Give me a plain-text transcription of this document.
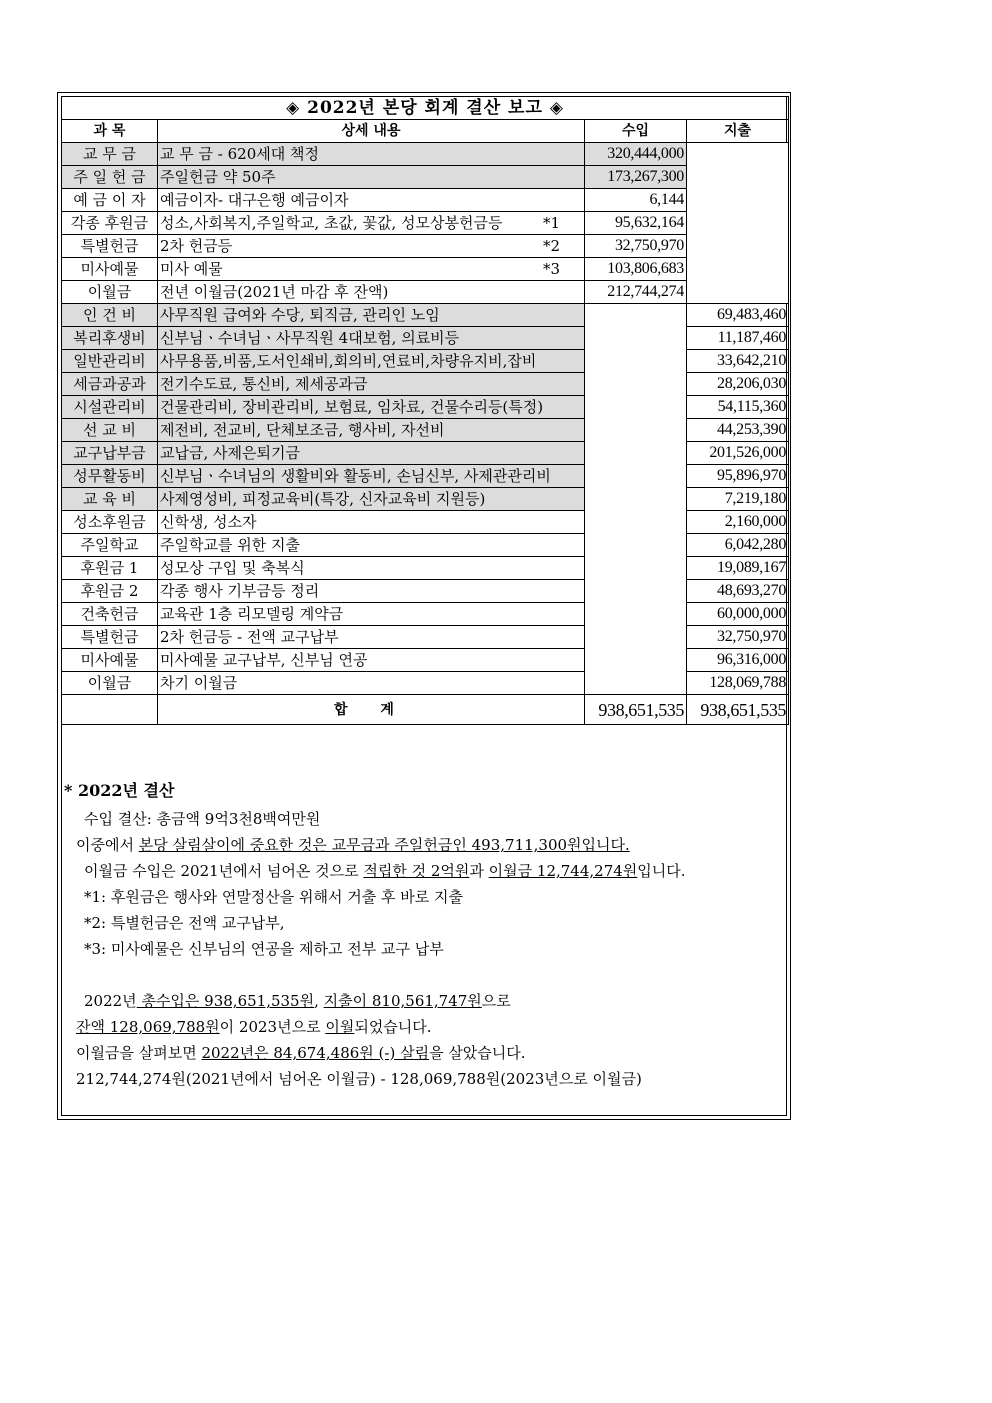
◈ 2022년 본당 회계 결산 보고 ◈			
과 목	상세 내용	수입	지출
교 무 금	교 무 금 - 620세대 책정	320,444,000	
주 일 헌 금	주일헌금 약 50주	173,267,300	
예 금 이 자	예금이자- 대구은행 예금이자	6,144	
각종 후원금	성소,사회복지,주일학교, 초값, 꽃값, 성모상봉헌금등 *1	95,632,164	
특별헌금	2차 헌금등 *2	32,750,970	
미사예물	미사 예물 *3	103,806,683	
이월금	전년 이월금(2021년 마감 후 잔액)	212,744,274	
인 건 비	사무직원 급여와 수당, 퇴직금, 관리인 노임		69,483,460
복리후생비	신부님ㆍ수녀님ㆍ사무직원 4대보험, 의료비등		11,187,460
일반관리비	사무용품,비품,도서인쇄비,회의비,연료비,차량유지비,잡비		33,642,210
세금과공과	전기수도료, 통신비, 제세공과금		28,206,030
시설관리비	건물관리비, 장비관리비, 보험료, 임차료, 건물수리등(특정)		54,115,360
선 교 비	제전비, 전교비, 단체보조금, 행사비, 자선비		44,253,390
교구납부금	교납금, 사제은퇴기금		201,526,000
성무활동비	신부님ㆍ수녀님의 생활비와 활동비, 손님신부, 사제관관리비		95,896,970
교 육 비	사제영성비, 피정교육비(특강, 신자교육비 지원등)		7,219,180
성소후원금	신학생, 성소자		2,160,000
주일학교	주일학교를 위한 지출		6,042,280
후원금 1	성모상 구입 및 축복식		19,089,167
후원금 2	각종 행사 기부금등 정리		48,693,270
건축헌금	교육관 1층 리모델링 계약금		60,000,000
특별헌금	2차 헌금등 - 전액 교구납부		32,750,970
미사예물	미사예물 교구납부, 신부님 연공		96,316,000
이월금	차기 이월금		128,069,788
	합 계	938,651,535	938,651,535
* 2022년 결산
수입 결산: 총금액 9억3천8백여만원
이중에서 본당 살림살이에 중요한 것은 교무금과 주일헌금인 493,711,300원입니다.
이월금 수입은 2021년에서 넘어온 것으로 적립한 것 2억원과 이월금 12,744,274원입니다.
*1: 후원금은 행사와 연말정산을 위해서 거출 후 바로 지출
*2: 특별헌금은 전액 교구납부,
*3: 미사예물은 신부님의 연공을 제하고 전부 교구 납부
2022년 총수입은 938,651,535원, 지출이 810,561,747원으로
잔액 128,069,788원이 2023년으로 이월되었습니다.
이월금을 살펴보면 2022년은 84,674,486원 (-) 살림을 살았습니다.
212,744,274원(2021년에서 넘어온 이월금) - 128,069,788원(2023년으로 이월금)
